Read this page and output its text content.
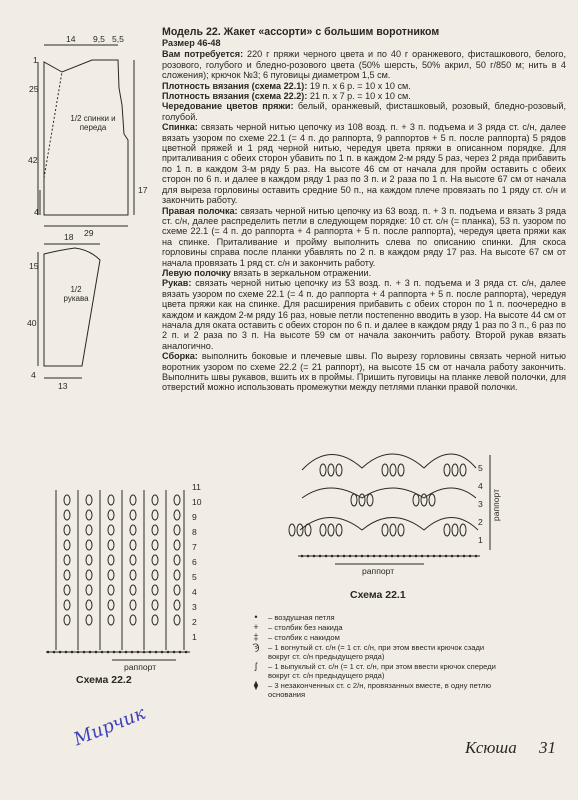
14 9,5 5,5
1
25
42
4
17
29
1/2 спинки и переда
18
15
40
4
13
1/2 рукава

Модель 22. Жакет «ассорти» с большим воротником

Размер 46-48

Вам потребуется: 220 г пряжи черного цвета и по 40 г оранжевого, фисташкового, белого, розового, голубого и бледно-розового цвета (50% шерсть, 50% акрил, 50 г/850 м; нить в 4 сложения); крючок №3; 6 пуговицы диаметром 1,5 см.

Плотность вязания (схема 22.1): 19 п. х 6 р. = 10 х 10 см.

Плотность вязания (схема 22.2): 21 п. х 7 р. = 10 х 10 см.

Чередование цветов пряжи: белый, оранжевый, фисташковый, розовый, бледно-розовый, голубой.

Спинка: связать черной нитью цепочку из 108 возд. п. + 3 п. подъема и 3 ряда ст. с/н, далее вязать узором по схеме 22.1 (= 4 п. до раппорта, 9 раппортов + 5 п. после раппорта) 5 рядов цветной пряжей и 1 ряд черной нитью, чередуя цвета пряжи в описанном порядке. Для приталивания с обеих сторон убавить по 1 п. в каждом 2-м ряду 5 раз, через 2 ряда прибавить по 1 п. в каждом 3-м ряду 5 раз. На высоте 46 см от начала для пройм оставить с обеих сторон по 6 п. и далее в каждом ряду 1 раз по 3 п. и 2 раза по 1 п. На высоте 67 см от начала для выреза горловины оставить средние 50 п., на каждом плече провязать по 1 ряду ст. с/н и закончить работу.

Правая полочка: связать черной нитью цепочку из 63 возд. п. + 3 п. подъема и вязать 3 ряда ст. с/н, далее распределить петли в следующем порядке: 10 ст. с/н (= планка), 53 п. узором по схеме 22.1 (= 4 п. до раппорта + 4 раппорта + 5 п. после раппорта), чередуя цвета пряжи как на спинке. Приталивание и пройму выполнить слева по описанию спинки. Для скоса горловины справа после планки убавлять по 2 п. в каждом ряду 17 раз. На высоте 67 см от начала провязать 1 ряд ст. с/н и закончить работу.

Левую полочку вязать в зеркальном отражении.

Рукав: связать черной нитью цепочку из 53 возд. п. + 3 п. подъема и 3 ряда ст. с/н, далее вязать узором по схеме 22.1 (= 4 п. до раппорта + 4 раппорта + 5 п. после раппорта), чередуя цвета пряжи как на спинке. Для расширения прибавить с обеих сторон по 1 п. поочередно в каждом и каждом 2-м ряду 16 раз, новые петли постепенно вводить в узор. На высоте 44 см от начала для оката оставить с обеих сторон по 6 п. и далее в каждом ряду 1 раз по 3 п., 6 раз по 2 п. и 2 раза по 3 п. На высоте 59 см от начала закончить работу. Второй рукав вязать аналогично.

Сборка: выполнить боковые и плечевые швы. По вырезу горловины связать черной нитью воротник узором по схеме 22.2 (= 21 раппорт), на высоте 15 см от начала работу закончить. Выполнить швы рукавов, вшить их в проймы. Пришить пуговицы на планке левой полочки, для отверстий можно использовать промежутки между петлями планки правой полочки.

Схема 22.1
раппорт
раппорт
5
4
3
2
1
Схема 22.2
раппорт
11
10
9
8
7
6
5
4
3
2
1
•	– воздушная петля
+	– столбик без накида
‡	– столбик с накидом
Ϡ	– 1 вогнутый ст. с/н (= 1 ст. с/н, при этом ввести крючок сзади вокруг ст. с/н предыдущего ряда)
ʃ	– 1 выпуклый ст. с/н (= 1 ст. с/н, при этом ввести крючок спереди вокруг ст. с/н предыдущего ряда)
⧫	– 3 незаконченных ст. с 2/н, провязанных вместе, в одну петлю основания
Мирчик	Ксюша 31
